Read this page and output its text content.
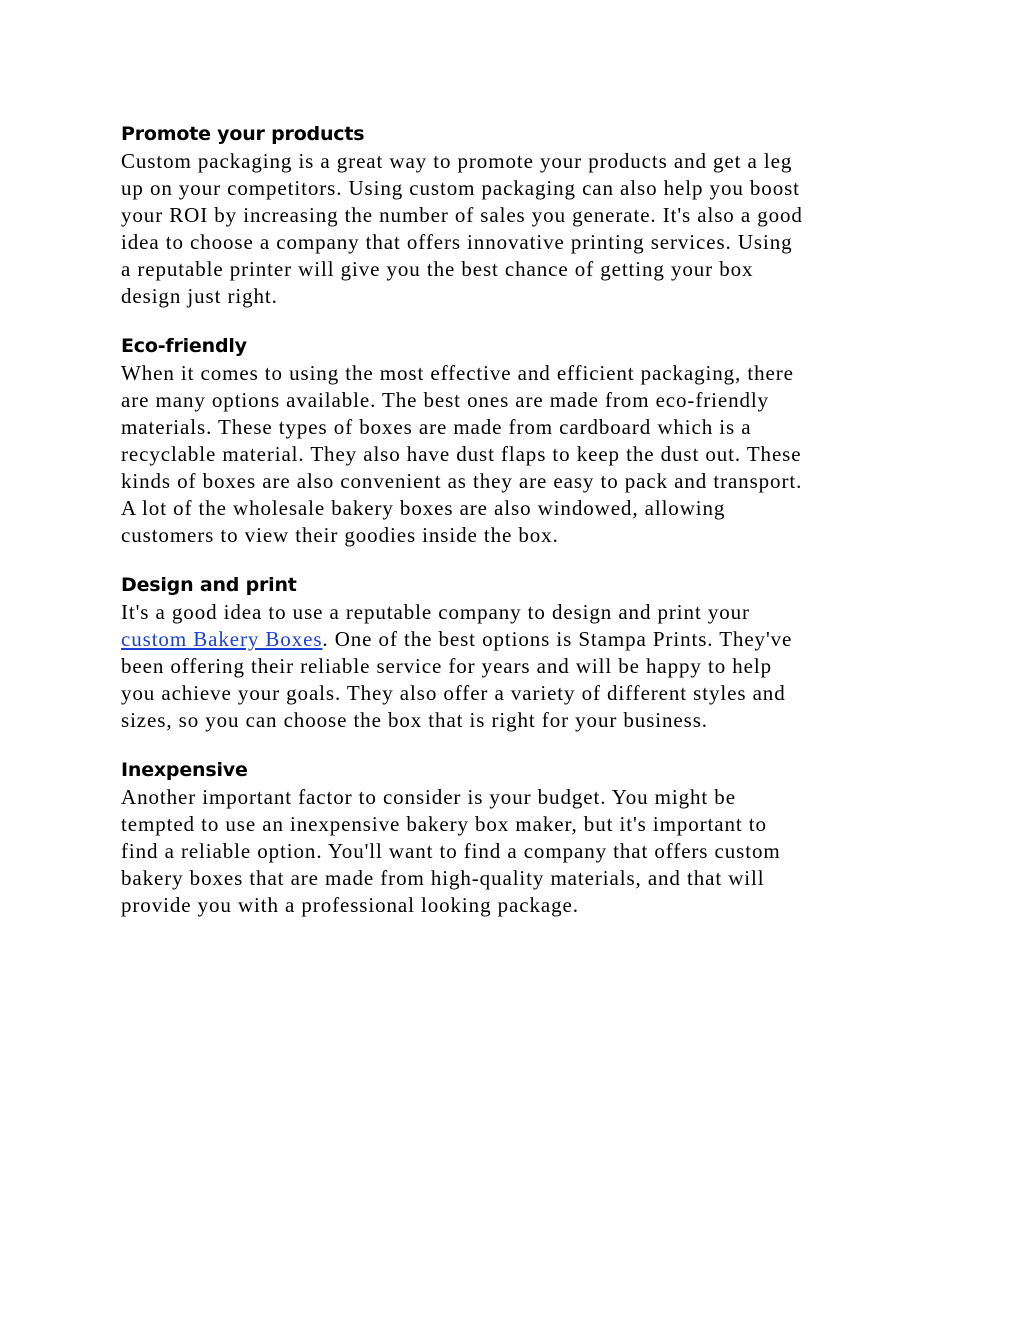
Promote your products

Custom packaging is a great way to promote your products and get a leg
up on your competitors. Using custom packaging can also help you boost
your ROI by increasing the number of sales you generate. It's also a good
idea to choose a company that offers innovative printing services. Using
a reputable printer will give you the best chance of getting your box
design just right.

Eco-friendly

When it comes to using the most effective and efficient packaging, there
are many options available. The best ones are made from eco-friendly
materials. These types of boxes are made from cardboard which is a
recyclable material. They also have dust flaps to keep the dust out. These
kinds of boxes are also convenient as they are easy to pack and transport.
A lot of the wholesale bakery boxes are also windowed, allowing
customers to view their goodies inside the box.

Design and print

It's a good idea to use a reputable company to design and print your
custom Bakery Boxes. One of the best options is Stampa Prints. They've
been offering their reliable service for years and will be happy to help
you achieve your goals. They also offer a variety of different styles and
sizes, so you can choose the box that is right for your business.

Inexpensive

Another important factor to consider is your budget. You might be
tempted to use an inexpensive bakery box maker, but it's important to
find a reliable option. You'll want to find a company that offers custom
bakery boxes that are made from high-quality materials, and that will
provide you with a professional looking package.
